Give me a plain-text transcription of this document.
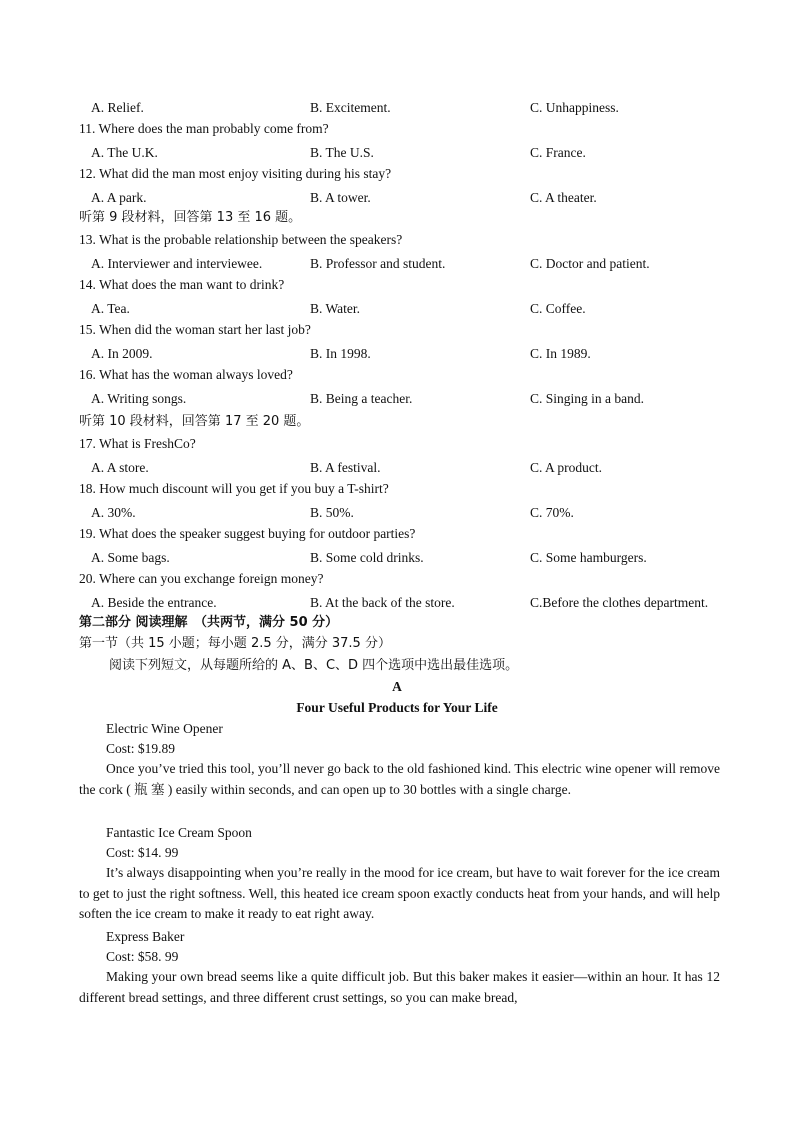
A. Relief.	B. Excitement.	C. Unhappiness.
11. Where does the man probably come from?
A. The U.K.	B. The U.S.	C. France.
12. What did the man most enjoy visiting during his stay?
A. A park.	B. A tower.	C. A theater.
听第 9 段材料，回答第 13 至 16 题。
13. What is the probable relationship between the speakers?
A. Interviewer and interviewee.	B. Professor and student.	C. Doctor and patient.
14. What does the man want to drink?
A. Tea.	B. Water.	C. Coffee.
15. When did the woman start her last job?
A. In 2009.	B. In 1998.	C. In 1989.
16. What has the woman always loved?
A. Writing songs.	B. Being a teacher.	C. Singing in a band.
听第 10 段材料，回答第 17 至 20 题。
17. What is FreshCo?
A. A store.	B. A festival.	C. A product.
18. How much discount will you get if you buy a T-shirt?
A. 30%.	B. 50%.	C. 70%.
19. What does the speaker suggest buying for outdoor parties?
A. Some bags.	B. Some cold drinks.	C. Some hamburgers.
20. Where can you exchange foreign money?
A. Beside the entrance.	B. At the back of the store.	C.Before the clothes department.
第二部分 阅读理解　（共两节，满分 50 分）
第一节（共 15 小题；每小题 2.5 分，满分 37.5 分）
阅读下列短文，从每题所给的 A、B、C、D 四个选项中选出最佳选项。
A
Four Useful Products for Your Life
Electric Wine Opener
Cost: $19.89

Once you’ve tried this tool, you’ll never go back to the old fashioned kind. This electric wine opener will remove the cork ( 瓶 塞 ) easily within seconds, and can open up to 30 bottles with a single charge.

Fantastic Ice Cream Spoon
Cost: $14. 99

It’s always disappointing when you’re really in the mood for ice cream, but have to wait forever for the ice cream to get to just the right softness. Well, this heated ice cream spoon exactly conducts heat from your hands, and will help soften the ice cream to make it ready to eat right away.

Express Baker
Cost: $58. 99

Making your own bread seems like a quite difficult job. But this baker makes it easier—within an hour. It has 12 different bread settings, and three different crust settings, so you can make bread,
